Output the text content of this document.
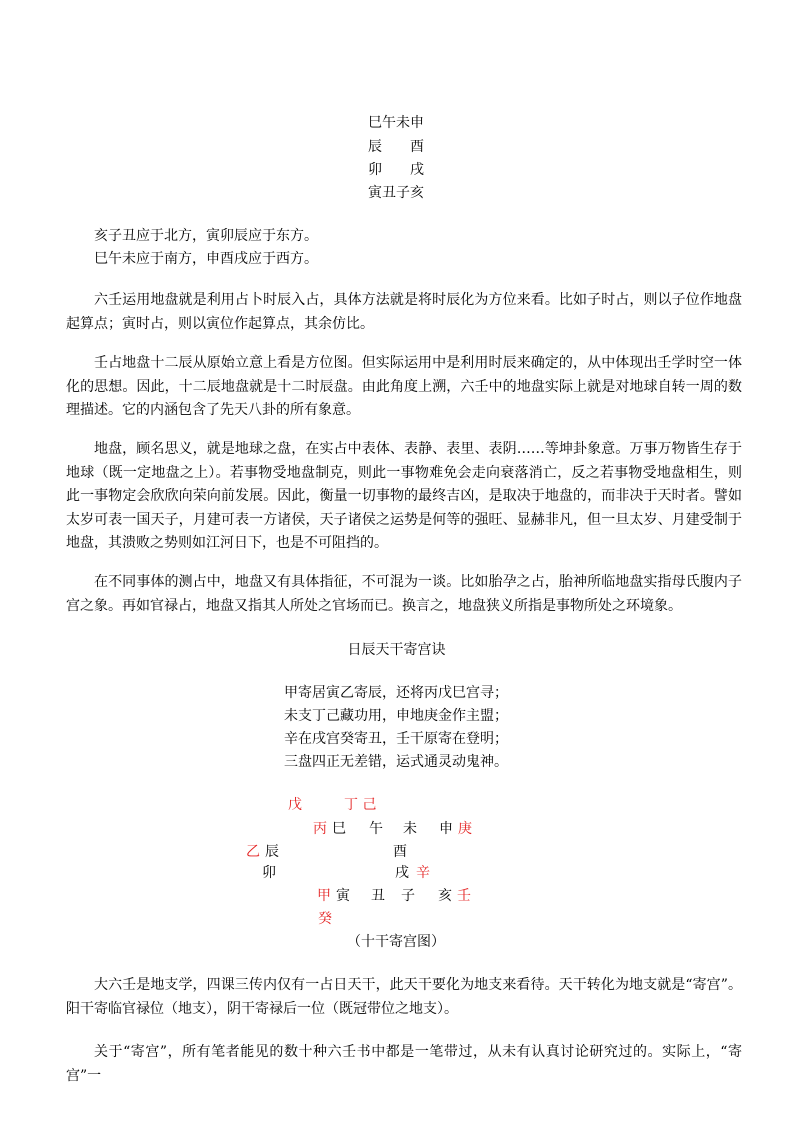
巳午未申
辰 酉
卯 戌
寅丑子亥
亥子丑应于北方，寅卯辰应于东方。
巳午未应于南方，申酉戌应于西方。
六壬运用地盘就是利用占卜时辰入占，具体方法就是将时辰化为方位来看。比如子时占，则以子位作地盘起算点；寅时占，则以寅位作起算点，其余仿比。
壬占地盘十二辰从原始立意上看是方位图。但实际运用中是利用时辰来确定的，从中体现出壬学时空一体化的思想。因此，十二辰地盘就是十二时辰盘。由此角度上溯，六壬中的地盘实际上就是对地球自转一周的数理描述。它的内涵包含了先天八卦的所有象意。
地盘，顾名思义，就是地球之盘，在实占中表体、表静、表里、表阴……等坤卦象意。万事万物皆生存于地球（既一定地盘之上）。若事物受地盘制克，则此一事物难免会走向衰落消亡，反之若事物受地盘相生，则此一事物定会欣欣向荣向前发展。因此，衡量一切事物的最终吉凶，是取决于地盘的，而非决于天时者。譬如太岁可表一国天子，月建可表一方诸侯，天子诸侯之运势是何等的强旺、显赫非凡，但一旦太岁、月建受制于地盘，其溃败之势则如江河日下，也是不可阻挡的。
在不同事体的测占中，地盘又有具体指征，不可混为一谈。比如胎孕之占，胎神所临地盘实指母氏腹内子宫之象。再如官禄占，地盘又指其人所处之官场而已。换言之，地盘狭义所指是事物所处之环境象。
日辰天干寄宫诀
甲寄居寅乙寄辰，还将丙戊巳宫寻；
未支丁己藏功用，申地庚金作主盟；
辛在戌宫癸寄丑，壬干原寄在登明；
三盘四正无差错，运式通灵动鬼神。
戊	丁 己
丙 巳 午 未 申 庚
乙 辰	酉
卯	戌 辛
甲 寅 丑 子 亥 壬
癸
（十干寄宫图）
大六壬是地支学，四课三传内仅有一占日天干，此天干要化为地支来看待。天干转化为地支就是“寄宫”。阳干寄临官禄位（地支），阴干寄禄后一位（既冠带位之地支）。
关于“寄宫”，所有笔者能见的数十种六壬书中都是一笔带过，从未有认真讨论研究过的。实际上，“寄宫”一
